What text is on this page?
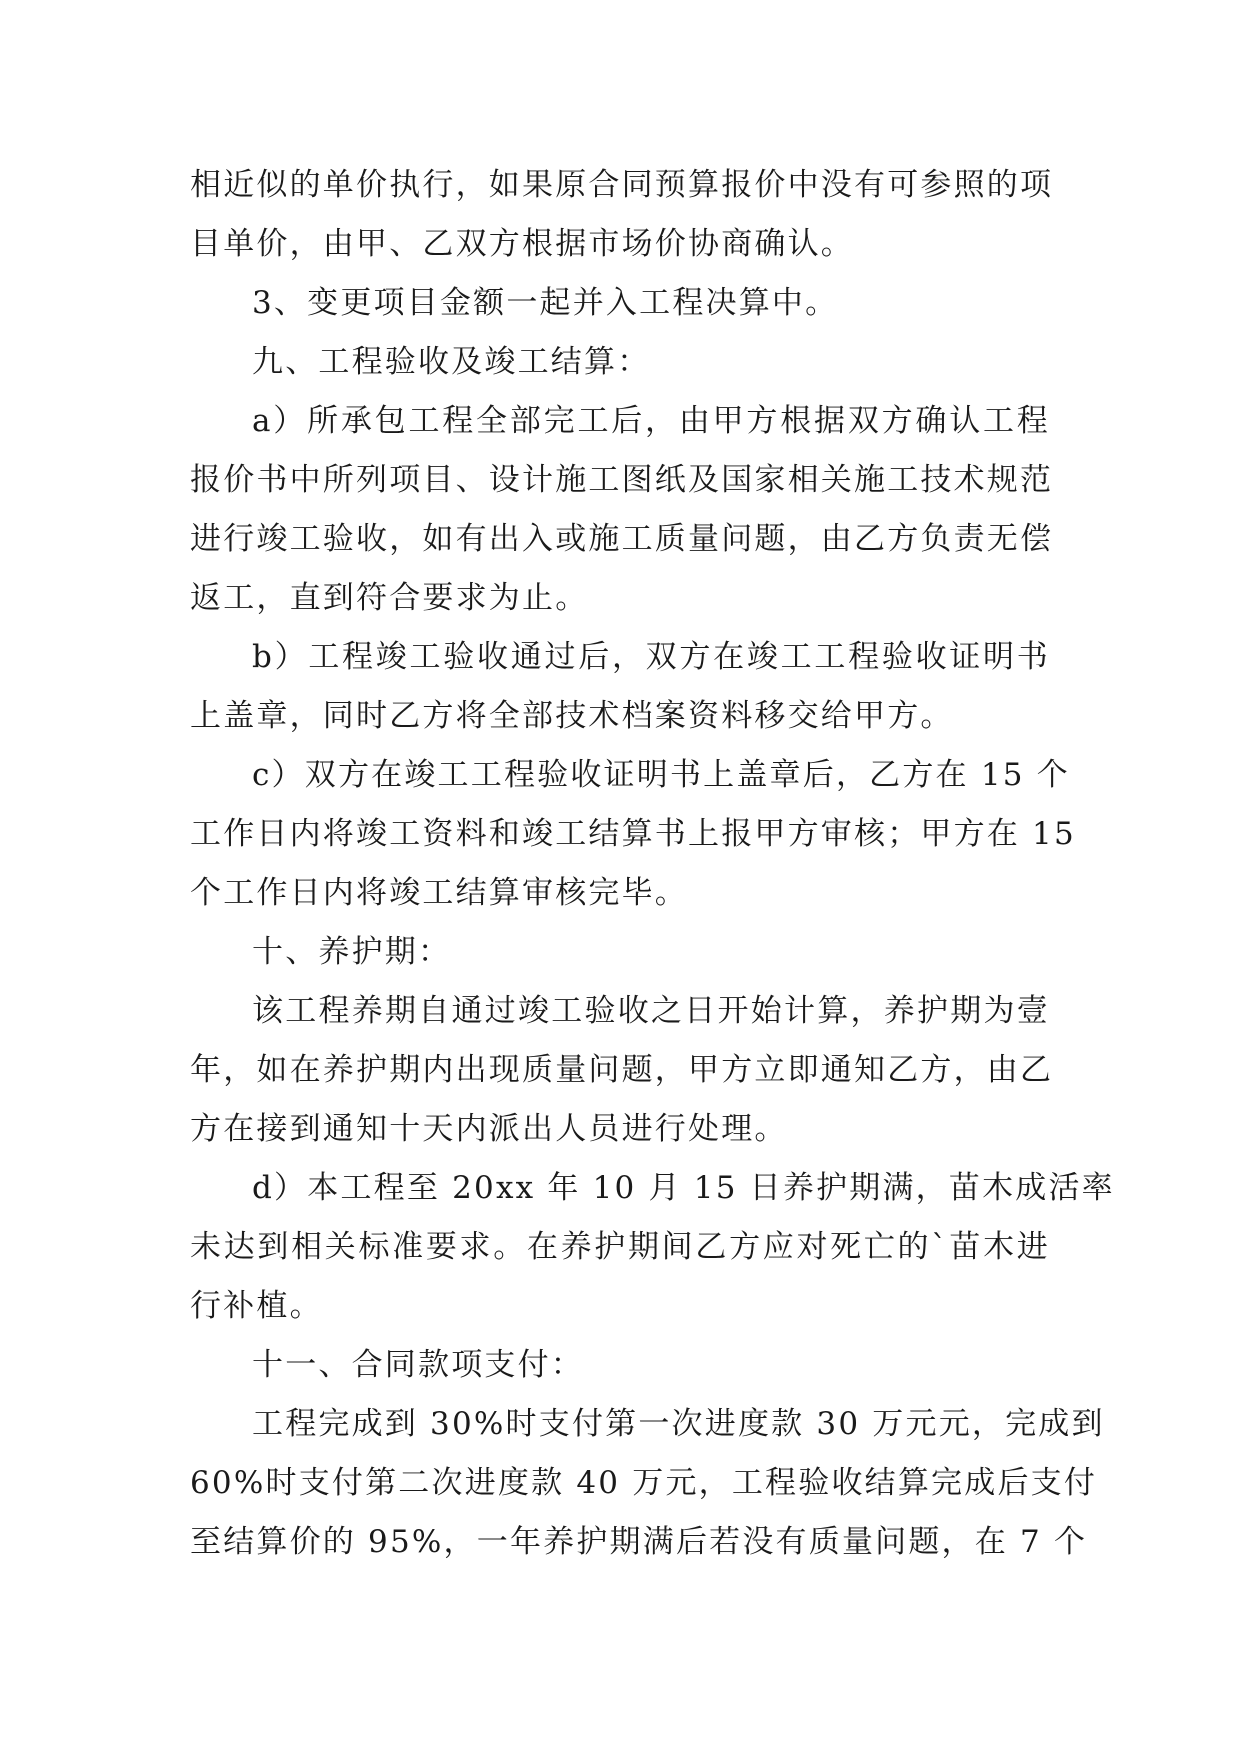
相近似的单价执行，如果原合同预算报价中没有可参照的项
目单价，由甲、乙双方根据市场价协商确认。
3、变更项目金额一起并入工程决算中。
九、工程验收及竣工结算：
a）所承包工程全部完工后，由甲方根据双方确认工程
报价书中所列项目、设计施工图纸及国家相关施工技术规范
进行竣工验收，如有出入或施工质量问题，由乙方负责无偿
返工，直到符合要求为止。
b）工程竣工验收通过后，双方在竣工工程验收证明书
上盖章，同时乙方将全部技术档案资料移交给甲方。
c）双方在竣工工程验收证明书上盖章后，乙方在 15 个
工作日内将竣工资料和竣工结算书上报甲方审核；甲方在 15
个工作日内将竣工结算审核完毕。
十、养护期：
该工程养期自通过竣工验收之日开始计算，养护期为壹
年，如在养护期内出现质量问题，甲方立即通知乙方，由乙
方在接到通知十天内派出人员进行处理。
d）本工程至 20xx 年 10 月 15 日养护期满，苗木成活率
未达到相关标准要求。在养护期间乙方应对死亡的`苗木进
行补植。
十一、合同款项支付：
工程完成到 30%时支付第一次进度款 30 万元元，完成到
60%时支付第二次进度款 40 万元，工程验收结算完成后支付
至结算价的 95%，一年养护期满后若没有质量问题，在 7 个
